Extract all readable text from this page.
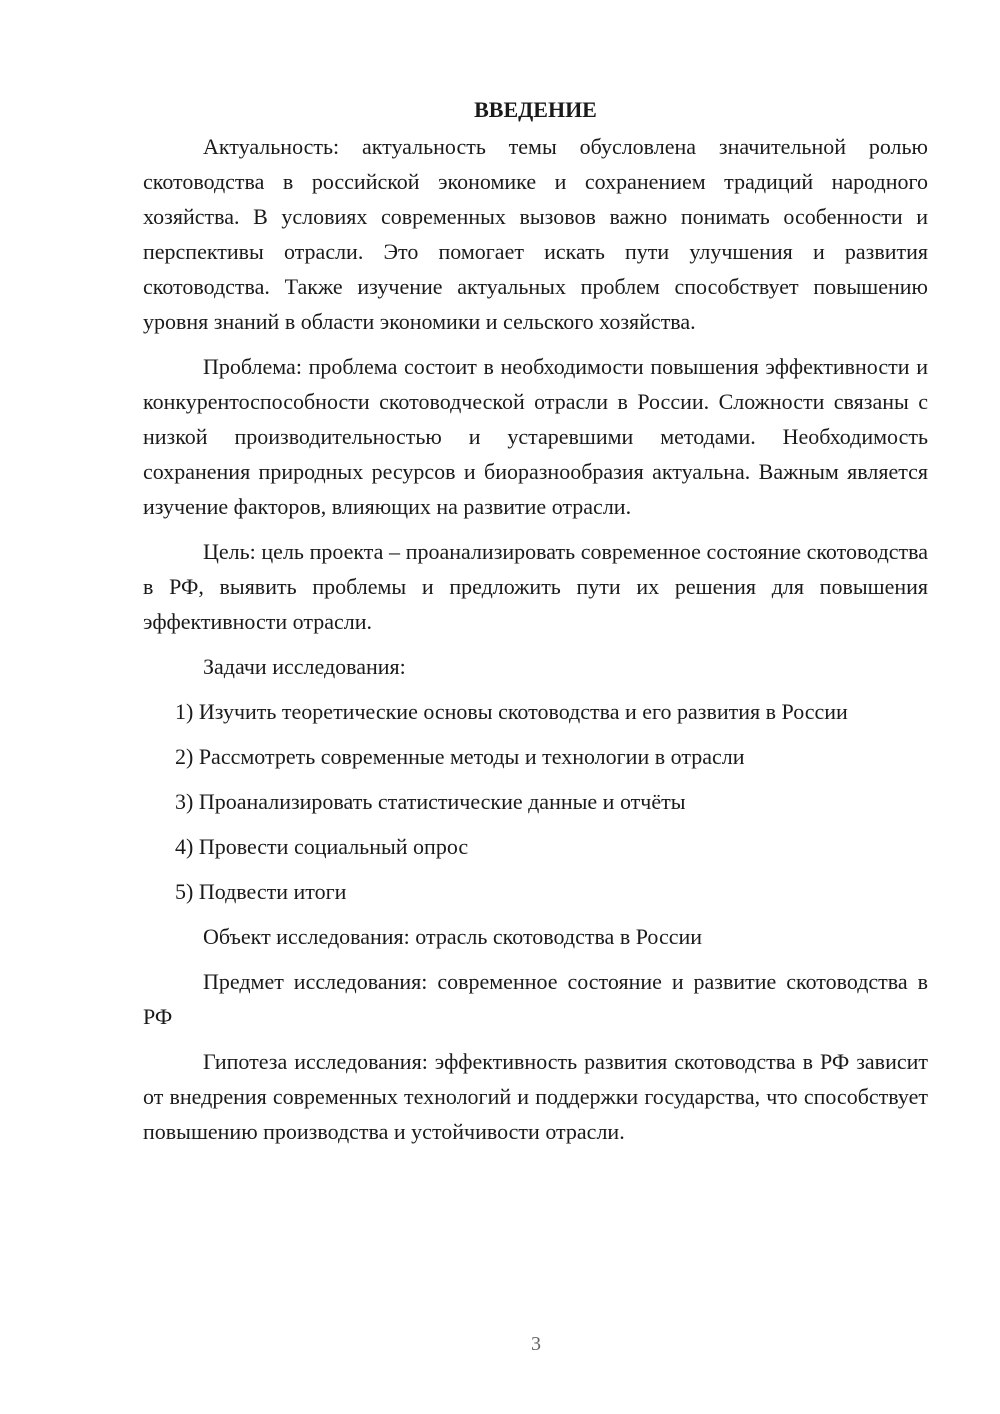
ВВЕДЕНИЕ

Актуальность: актуальность темы обусловлена значительной ролью скотоводства в российской экономике и сохранением традиций народного хозяйства. В условиях современных вызовов важно понимать особенности и перспективы отрасли. Это помогает искать пути улучшения и развития скотоводства. Также изучение актуальных проблем способствует повышению уровня знаний в области экономики и сельского хозяйства.

Проблема: проблема состоит в необходимости повышения эффективности и конкурентоспособности скотоводческой отрасли в России. Сложности связаны с низкой производительностью и устаревшими методами. Необходимость сохранения природных ресурсов и биоразнообразия актуальна. Важным является изучение факторов, влияющих на развитие отрасли.

Цель: цель проекта – проанализировать современное состояние скотоводства в РФ, выявить проблемы и предложить пути их решения для повышения эффективности отрасли.

Задачи исследования:

1) Изучить теоретические основы скотоводства и его развития в России

2) Рассмотреть современные методы и технологии в отрасли

3) Проанализировать статистические данные и отчёты

4) Провести социальный опрос

5) Подвести итоги

Объект исследования: отрасль скотоводства в России

Предмет исследования: современное состояние и развитие скотоводства в РФ

Гипотеза исследования: эффективность развития скотоводства в РФ зависит от внедрения современных технологий и поддержки государства, что способствует повышению производства и устойчивости отрасли.

3
